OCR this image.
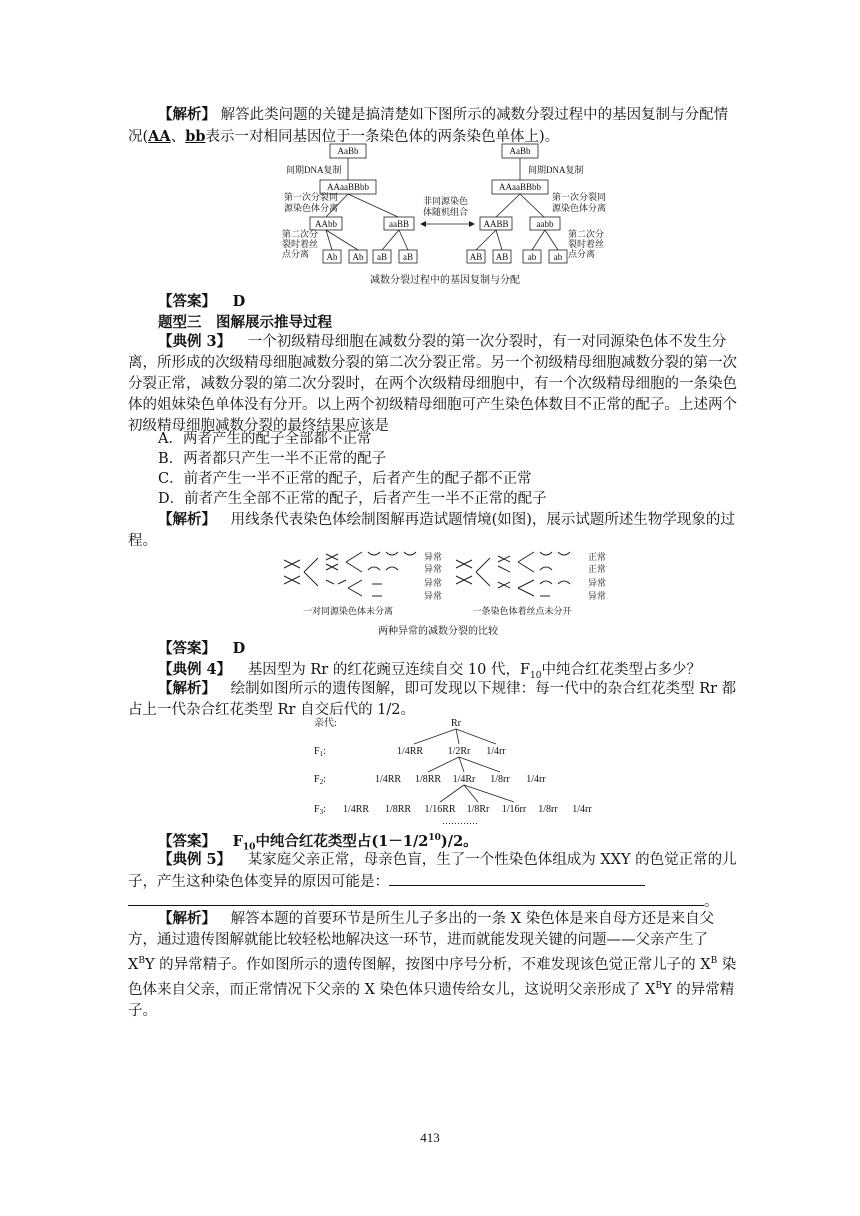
【解析】 解答此类问题的关键是搞清楚如下图所示的减数分裂过程中的基因复制与分配情况(AA、bb表示一对相同基因位于一条染色体的两条染色单体上)。

AaBb	AaBb
间期DNA复制	间期DNA复制
AAaaBBbb	AAaaBBbb
第一次分裂同
源染色体分离
第一次分裂同
源染色体分离
非同源染色
体随机组合
AAbb	aaBB	AABB	aabb
第二次分
裂时着丝
点分离
第二次分
裂时着丝
点分离
Ab Ab aB aB	AB AB ab ab
减数分裂过程中的基因复制与分配

【答案】 D

题型三　图解展示推导过程

【典例 3】 一个初级精母细胞在减数分裂的第一次分裂时，有一对同源染色体不发生分离，所形成的次级精母细胞减数分裂的第二次分裂正常。另一个初级精母细胞减数分裂的第一次分裂正常，减数分裂的第二次分裂时，在两个次级精母细胞中，有一个次级精母细胞的一条染色体的姐妹染色单体没有分开。以上两个初级精母细胞可产生染色体数目不正常的配子。上述两个初级精母细胞减数分裂的最终结果应该是

A．两者产生的配子全部都不正常

B．两者都只产生一半不正常的配子

C．前者产生一半不正常的配子，后者产生的配子都不正常

D．前者产生全部不正常的配子，后者产生一半不正常的配子

【解析】 用线条代表染色体绘制图解再造试题情境(如图)，展示试题所述生物学现象的过程。

异常
异常
异常
异常
正常
正常
异常
异常
一对同源染色体未分离	一条染色体着丝点未分开
两种异常的减数分裂的比较

【答案】 D

【典例 4】 基因型为 Rr 的红花豌豆连续自交 10 代，$F_{10}$中纯合红花类型占多少？

【解析】 绘制如图所示的遗传图解，即可发现以下规律：每一代中的杂合红花类型 Rr 都占上一代杂合红花类型 Rr 自交后代的 1/2。

亲代:	Rr
$F_1$:
$F_2$:
$F_3$:
1/4RR 1/2Rr 1/4rr
1/4RR 1/8RR 1/4Rr 1/8rr 1/4rr
1/4RR 1/8RR 1/16RR 1/8Rr 1/16rr 1/8rr 1/4rr
…………

【答案】 $F_{10}$中纯合红花类型占$(1-1/2^{10})/2$。

【典例 5】 某家庭父亲正常，母亲色盲，生了一个性染色体组成为 XXY 的色觉正常的儿子，产生这种染色体变异的原因可能是：

。

【解析】 解答本题的首要环节是所生儿子多出的一条 X 染色体是来自母方还是来自父方，通过遗传图解就能比较轻松地解决这一环节，进而就能发现关键的问题——父亲产生了 $X^BY$ 的异常精子。作如图所示的遗传图解，按图中序号分析，不难发现该色觉正常儿子的 $X^B$ 染色体来自父亲，而正常情况下父亲的 X 染色体只遗传给女儿，这说明父亲形成了 $X^BY$ 的异常精子。

413
